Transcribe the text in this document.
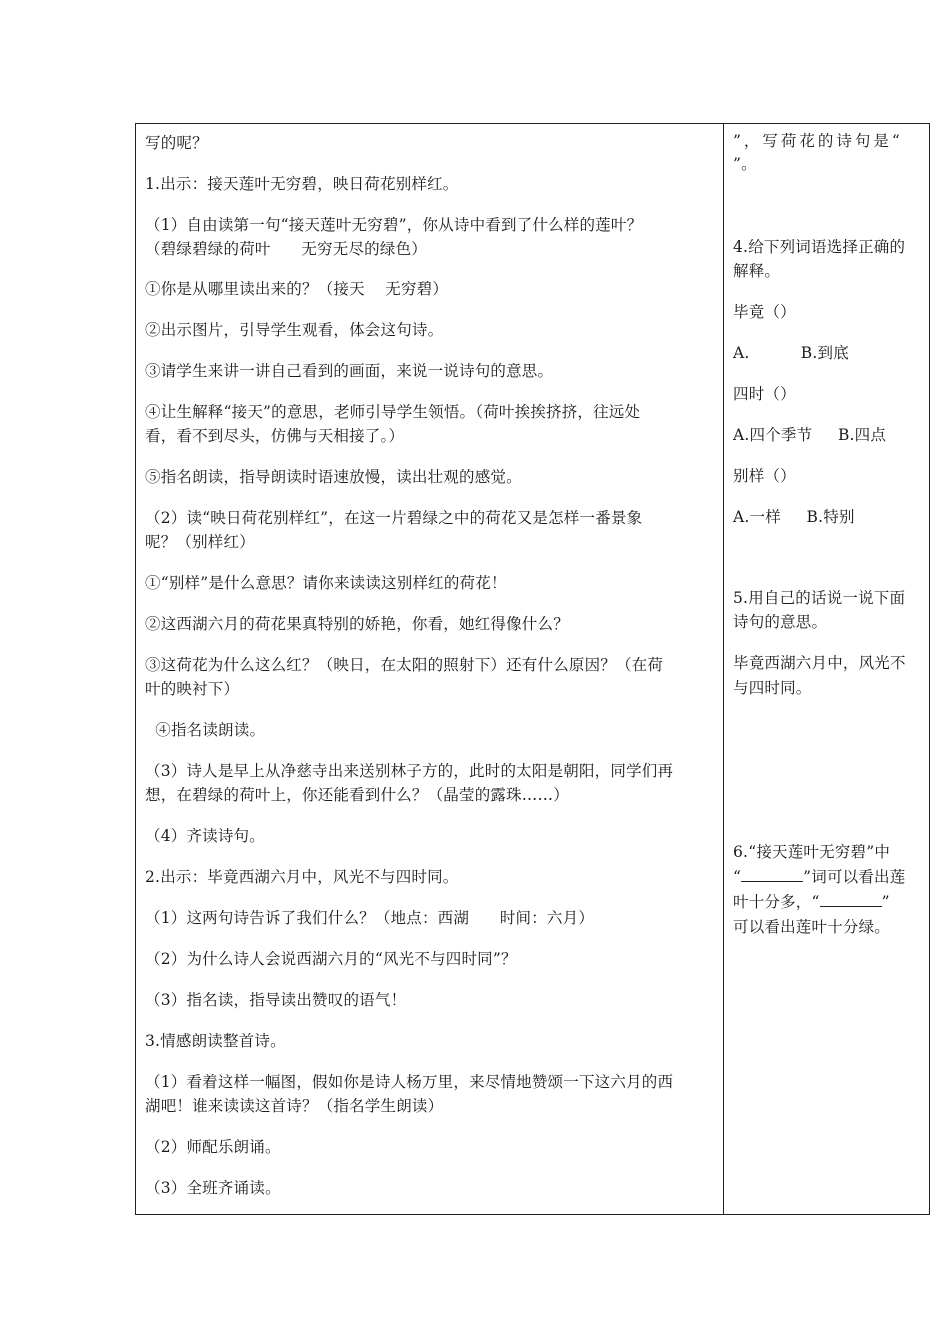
写的呢？
1.出示：接天莲叶无穷碧，映日荷花别样红。
（1）自由读第一句“接天莲叶无穷碧”，你从诗中看到了什么样的莲叶？
（碧绿碧绿的荷叶      无穷无尽的绿色）
①你是从哪里读出来的？（接天    无穷碧）
②出示图片，引导学生观看，体会这句诗。
③请学生来讲一讲自己看到的画面，来说一说诗句的意思。
④让生解释“接天”的意思，老师引导学生领悟。（荷叶挨挨挤挤，往远处
看，看不到尽头，仿佛与天相接了。）
⑤指名朗读，指导朗读时语速放慢，读出壮观的感觉。
（2）读“映日荷花别样红”，在这一片碧绿之中的荷花又是怎样一番景象
呢？（别样红）
①“别样”是什么意思？请你来读读这别样红的荷花！
②这西湖六月的荷花果真特别的娇艳，你看，她红得像什么？
③这荷花为什么这么红？（映日，在太阳的照射下）还有什么原因？（在荷
叶的映衬下）
④指名读朗读。
（3）诗人是早上从净慈寺出来送别林子方的，此时的太阳是朝阳，同学们再
想，在碧绿的荷叶上，你还能看到什么？（晶莹的露珠……）
（4）齐读诗句。
2.出示：毕竟西湖六月中，风光不与四时同。
（1）这两句诗告诉了我们什么？（地点：西湖      时间：六月）
（2）为什么诗人会说西湖六月的“风光不与四时同”？
（3）指名读，指导读出赞叹的语气！
3.情感朗读整首诗。
（1）看着这样一幅图，假如你是诗人杨万里，来尽情地赞颂一下这六月的西
湖吧！谁来读读这首诗？（指名学生朗读）
（2）师配乐朗诵。
（3）全班齐诵读。
”，写荷花的诗句是“
”。
4.给下列词语选择正确的
解释。
毕竟（）
A.          B.到底
四时（）
A.四个季节     B.四点
别样（）
A.一样     B.特别
5.用自己的话说一说下面
诗句的意思。
毕竟西湖六月中，风光不
与四时同。
6.“接天莲叶无穷碧”中
“	”词可以看出莲
叶十分多，“	”
可以看出莲叶十分绿。
